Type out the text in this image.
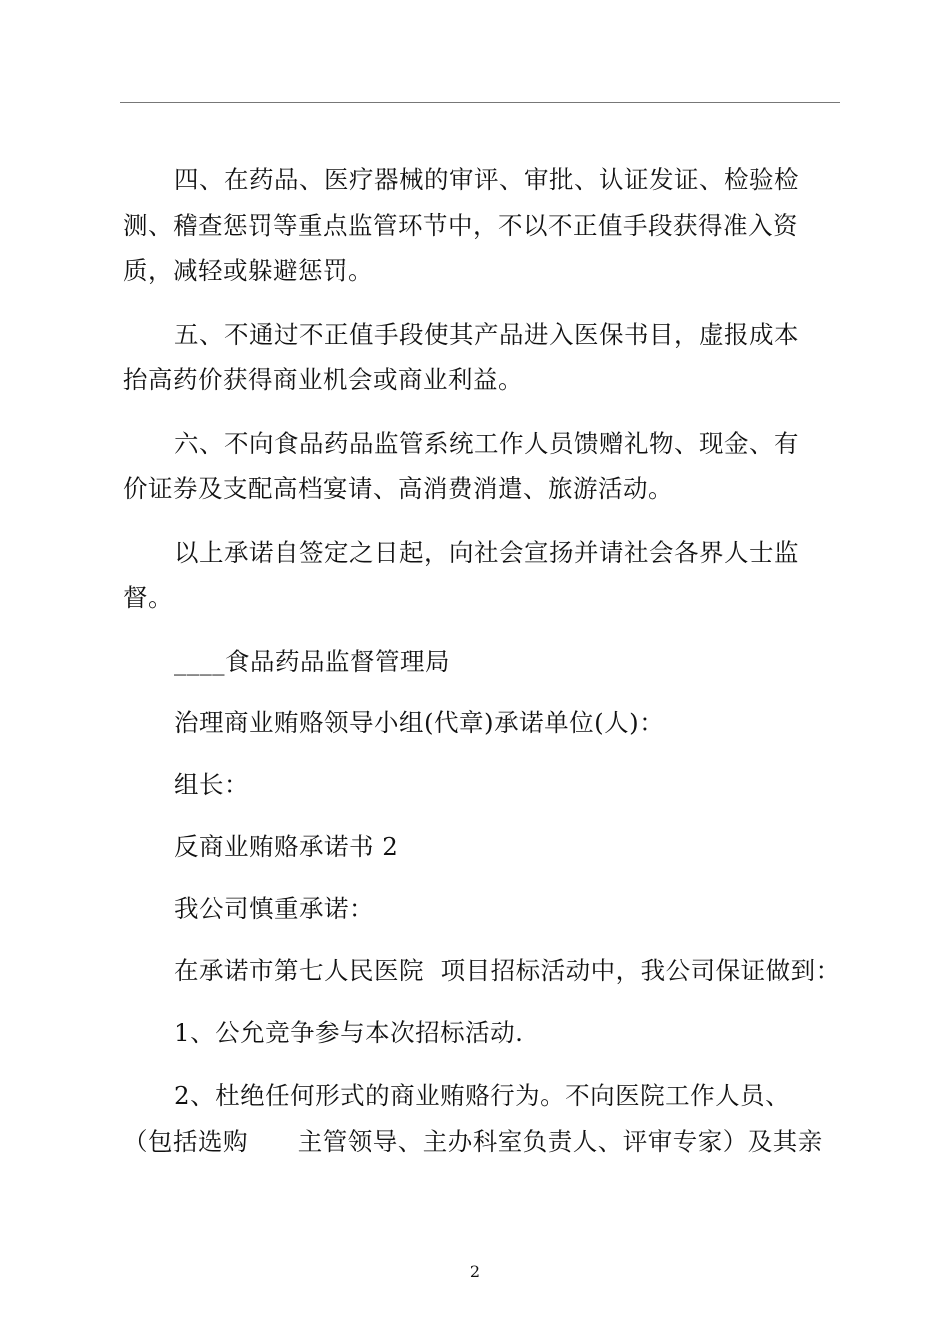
四、在药品、医疗器械的审评、审批、认证发证、检验检
测、稽查惩罚等重点监管环节中，不以不正值手段获得准入资
质，减轻或躲避惩罚。
五、不通过不正值手段使其产品进入医保书目，虚报成本
抬高药价获得商业机会或商业利益。
六、不向食品药品监管系统工作人员馈赠礼物、现金、有
价证券及支配高档宴请、高消费消遣、旅游活动。
以上承诺自签定之日起，向社会宣扬并请社会各界人士监
督。
____食品药品监督管理局
治理商业贿赂领导小组(代章)承诺单位(人)：
组长：
反商业贿赂承诺书 2
我公司慎重承诺：
在承诺市第七人民医院  项目招标活动中，我公司保证做到：
1、公允竞争参与本次招标活动.
2、杜绝任何形式的商业贿赂行为。不向医院工作人员、
（包括选购      主管领导、主办科室负责人、评审专家）及其亲
2
